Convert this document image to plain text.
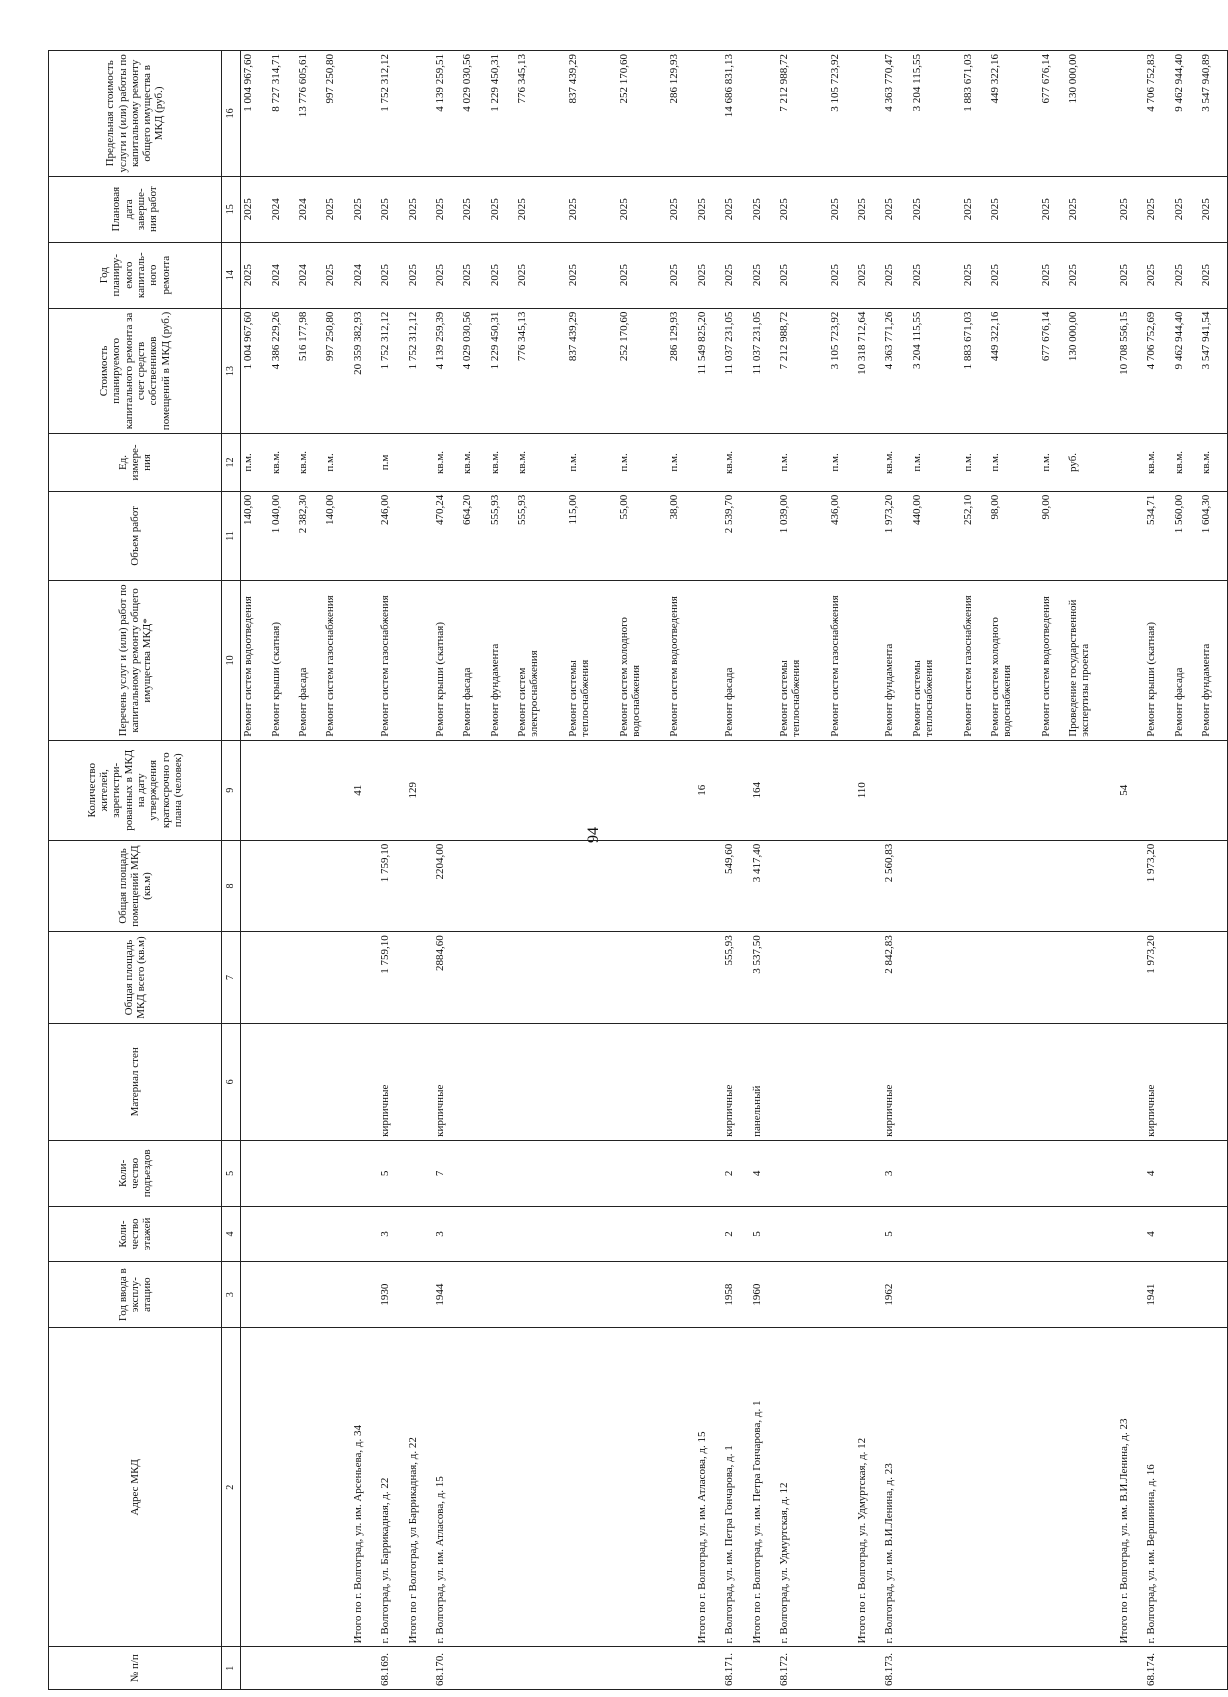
94
№ п/п	Адрес МКД	Год ввода в эксплу- атацию	Коли- чество этажей	Коли- чество подъездов	Материал стен	Общая площадь МКД всего (кв.м)	Общая площадь помещений МКД (кв.м)	Количество жителей, зарегистри- рованных в МКД на дату утверждения краткосрочно го плана (человек)	Перечень услуг и (или) работ по капитальному ремонту общего имущества МКД*	Объем работ	Ед. измере- ния	Стоимость планируемого капитального ремонта за счет средств собственников помещений в МКД (руб.)	Год планиру- емого капиталь- ного ремонта	Плановая дата заверше- ния работ	Предельная стоимость услуги и (или) работы по капитальному ремонту общего имущества в МКД (руб.)
1	2	3	4	5	6	7	8	9	10	11	12	13	14	15	16
									Ремонт систем водоотведения	140,00	п.м.	1 004 967,60	2025	2025	1 004 967,60
									Ремонт крыши (скатная)	1 040,00	кв.м.	4 386 229,26	2024	2024	8 727 314,71
									Ремонт фасада	2 382,30	кв.м.	516 177,98	2024	2024	13 776 605,61
									Ремонт систем газоснабжения	140,00	п.м.	997 250,80	2025	2025	997 250,80
	Итого по г. Волгоград, ул. им. Арсеньева, д. 34							41				20 359 382,93	2024	2025	
68.169.	г. Волгоград, ул. Баррикадная, д. 22	1930	3	5	кирпичные	1 759,10	1 759,10		Ремонт систем газоснабжения	246,00	п.м	1 752 312,12	2025	2025	1 752 312,12
	Итого по г Волгоград, ул Баррикадная, д. 22							129				1 752 312,12	2025	2025	
68.170.	г. Волгоград, ул. им. Атласова, д. 15	1944	3	7	кирпичные	2884,60	2204,00		Ремонт крыши (скатная)	470,24	кв.м.	4 139 259,39	2025	2025	4 139 259,51
									Ремонт фасада	664,20	кв.м.	4 029 030,56	2025	2025	4 029 030,56
									Ремонт фундамента	555,93	кв.м.	1 229 450,31	2025	2025	1 229 450,31
									Ремонт систем электроснабжения	555,93	кв.м.	776 345,13	2025	2025	776 345,13
									Ремонт системы теплоснабжения	115,00	п.м.	837 439,29	2025	2025	837 439,29
									Ремонт систем холодного водоснабжения	55,00	п.м.	252 170,60	2025	2025	252 170,60
									Ремонт систем водоотведения	38,00	п.м.	286 129,93	2025	2025	286 129,93
	Итого по г. Волгоград, ул. им. Атласова, д. 15							16				11 549 825,20	2025	2025	
68.171.	г. Волгоград, ул. им. Петра Гончарова, д. 1	1958	2	2	кирпичные	555,93	549,60		Ремонт фасада	2 539,70	кв.м.	11 037 231,05	2025	2025	14 686 831,13
	Итого по г. Волгоград, ул. им. Петра Гончарова, д. 1	1960	5	4	панельный	3 537,50	3 417,40	164				11 037 231,05	2025	2025	
68.172.	г. Волгоград, ул. Удмуртская, д. 12								Ремонт системы теплоснабжения	1 039,00	п.м.	7 212 988,72	2025	2025	7 212 988,72
									Ремонт систем газоснабжения	436,00	п.м.	3 105 723,92	2025	2025	3 105 723,92
	Итого по г. Волгоград, ул. Удмуртская, д. 12							110				10 318 712,64	2025	2025	
68.173.	г. Волгоград, ул. им. В.И.Ленина, д. 23	1962	5	3	кирпичные	2 842,83	2 560,83		Ремонт фундамента	1 973,20	кв.м.	4 363 771,26	2025	2025	4 363 770,47
									Ремонт системы теплоснабжения	440,00	п.м.	3 204 115,55	2025	2025	3 204 115,55
									Ремонт систем газоснабжения	252,10	п.м.	1 883 671,03	2025	2025	1 883 671,03
									Ремонт систем холодного водоснабжения	98,00	п.м.	449 322,16	2025	2025	449 322,16
									Ремонт систем водоотведения	90,00	п.м.	677 676,14	2025	2025	677 676,14
									Проведение государственной экспертизы проекта		руб.	130 000,00	2025	2025	130 000,00
	Итого по г. Волгоград, ул. им. В.И.Ленина, д. 23							54				10 708 556,15	2025	2025	
68.174.	г. Волгоград, ул. им. Вершинина, д. 16	1941	4	4	кирпичные	1 973,20	1 973,20		Ремонт крыши (скатная)	534,71	кв.м.	4 706 752,69	2025	2025	4 706 752,83
									Ремонт фасада	1 560,00	кв.м.	9 462 944,40	2025	2025	9 462 944,40
									Ремонт фундамента	1 604,30	кв.м.	3 547 941,54	2025	2025	3 547 940,89
